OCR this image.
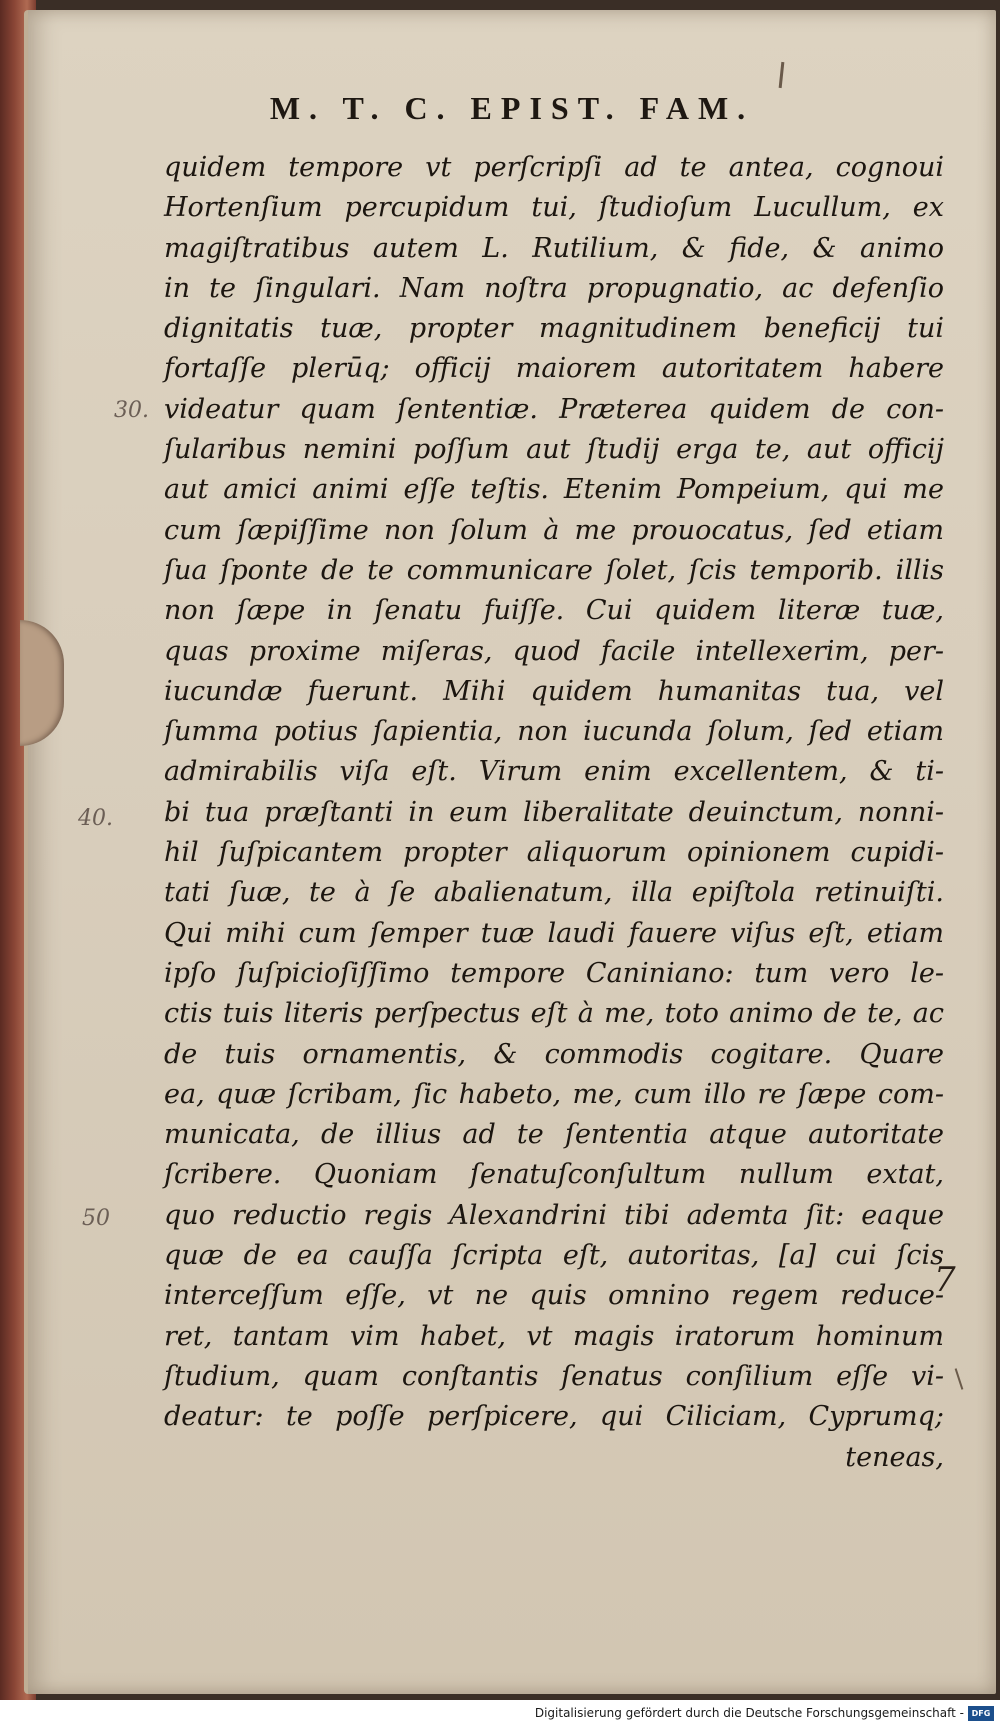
M. T. C. EPIST. FAM.
quidem tempore vt perſcripſi ad te antea, cognoui
Hortenſium percupidum tui, ſtudioſum Lucullum, ex
magiſtratibus autem L. Rutilium, & fide, & animo
in te ſingulari. Nam noſtra propugnatio, ac defenſio
dignitatis tuæ, propter magnitudinem beneficij tui
fortaſſe plerūq; officij maiorem autoritatem habere
videatur quam ſententiæ. Præterea quidem de con-
ſularibus nemini poſſum aut ſtudij erga te, aut officij
aut amici animi eſſe teſtis. Etenim Pompeium, qui me
cum ſæpiſſime non ſolum à me prouocatus, ſed etiam
ſua ſponte de te communicare ſolet, ſcis temporib. illis
non ſæpe in ſenatu fuiſſe. Cui quidem literæ tuæ,
quas proxime miſeras, quod facile intellexerim, per-
iucundæ fuerunt. Mihi quidem humanitas tua, vel
ſumma potius ſapientia, non iucunda ſolum, ſed etiam
admirabilis viſa eſt. Virum enim excellentem, & ti-
bi tua præſtanti in eum liberalitate deuinctum, nonni-
hil ſuſpicantem propter aliquorum opinionem cupidi-
tati ſuæ, te à ſe abalienatum, illa epiſtola retinuiſti.
Qui mihi cum ſemper tuæ laudi fauere viſus eſt, etiam
ipſo ſuſpicioſiſſimo tempore Caniniano: tum vero le-
ctis tuis literis perſpectus eſt à me, toto animo de te, ac
de tuis ornamentis, & commodis cogitare. Quare
ea, quæ ſcribam, ſic habeto, me, cum illo re ſæpe com-
municata, de illius ad te ſententia atque autoritate
ſcribere. Quoniam ſenatuſconſultum nullum extat,
quo reductio regis Alexandrini tibi ademta ſit: eaque
quæ de ea cauſſa ſcripta eſt, autoritas, [a] cui ſcis
interceſſum eſſe, vt ne quis omnino regem reduce-
ret, tantam vim habet, vt magis iratorum hominum
ſtudium, quam conſtantis ſenatus conſilium eſſe vi-
deatur: te poſſe perſpicere, qui Ciliciam, Cyprumq;
teneas,
30.
40.
50
7
Digitalisierung gefördert durch die Deutsche Forschungsgemeinschaft - DFG
